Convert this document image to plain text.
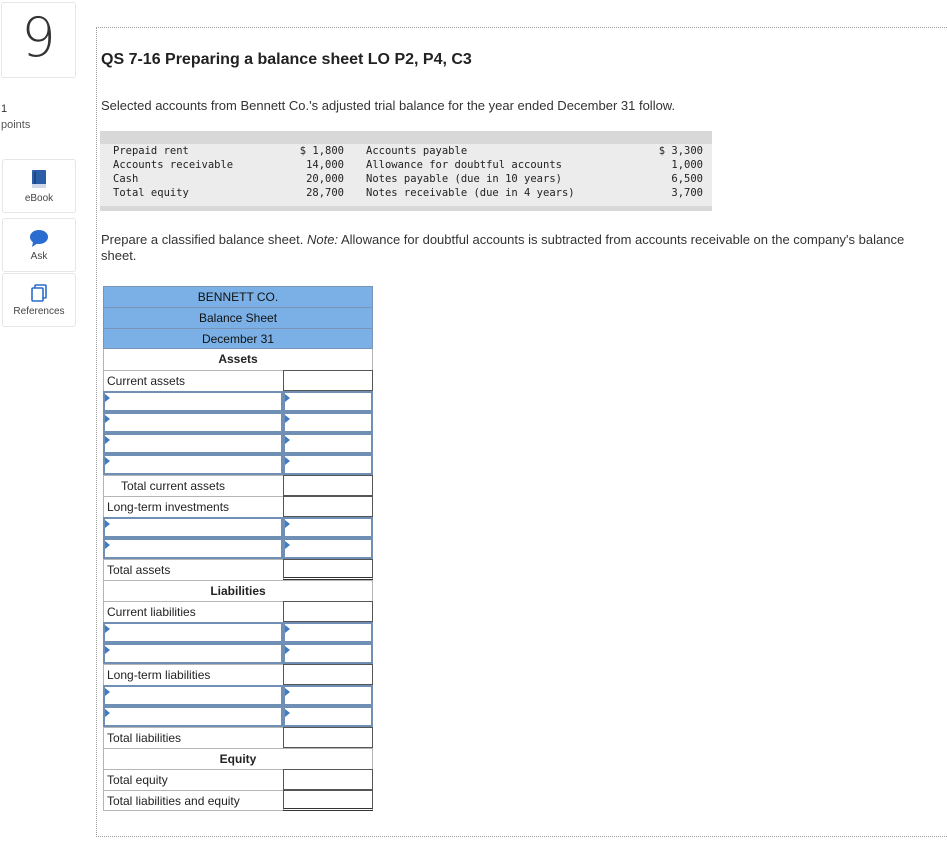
9
1
points
eBook
Ask
References
QS 7-16 Preparing a balance sheet LO P2, P4, C3
Selected accounts from Bennett Co.'s adjusted trial balance for the year ended December 31 follow.
Prepaid rent
Accounts receivable
Cash
Total equity
$ 1,800
14,000
20,000
28,700
Accounts payable
Allowance for doubtful accounts
Notes payable (due in 10 years)
Notes receivable (due in 4 years)
$ 3,300
1,000
6,500
3,700
Prepare a classified balance sheet. Note: Allowance for doubtful accounts is subtracted from accounts receivable on the company's balance sheet.
BENNETT CO.
Balance Sheet
December 31
Assets
Current assets
Total current assets
Long-term investments
Total assets
Liabilities
Current liabilities
Long-term liabilities
Total liabilities
Equity
Total equity
Total liabilities and equity
